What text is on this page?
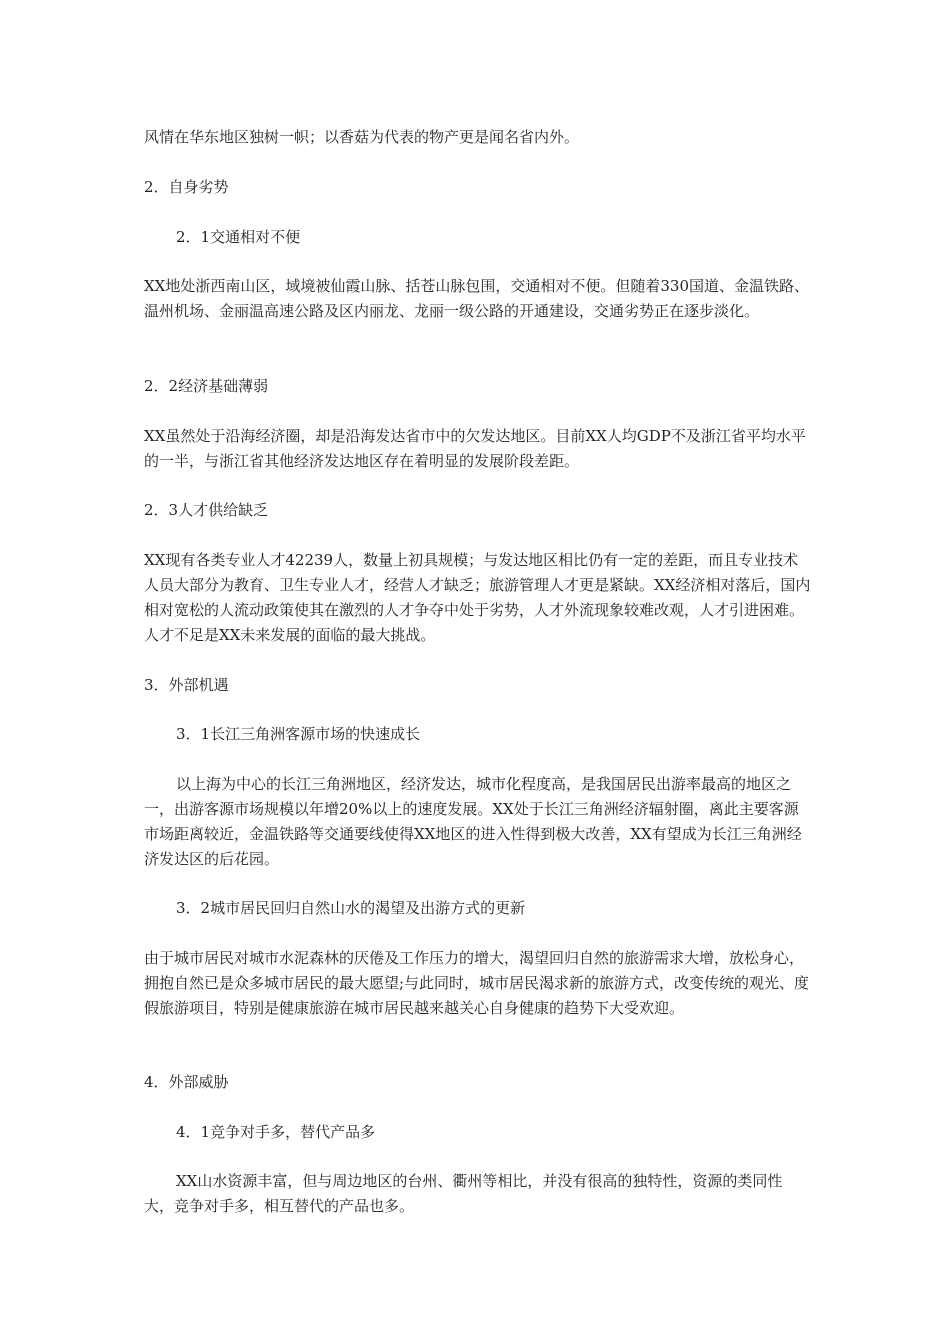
风情在华东地区独树一帜；以香菇为代表的物产更是闻名省内外。

2．自身劣势

2．1交通相对不便

XX地处浙西南山区，域境被仙霞山脉、括苍山脉包围，交通相对不便。但随着330国道、金温铁路、温州机场、金丽温高速公路及区内丽龙、龙丽一级公路的开通建设，交通劣势正在逐步淡化。

2．2经济基础薄弱

XX虽然处于沿海经济圈，却是沿海发达省市中的欠发达地区。目前XX人均GDP不及浙江省平均水平的一半，与浙江省其他经济发达地区存在着明显的发展阶段差距。

2．3人才供给缺乏

XX现有各类专业人才42239人，数量上初具规模；与发达地区相比仍有一定的差距，而且专业技术人员大部分为教育、卫生专业人才，经营人才缺乏；旅游管理人才更是紧缺。XX经济相对落后，国内相对宽松的人流动政策使其在激烈的人才争夺中处于劣势，人才外流现象较难改观，人才引进困难。人才不足是XX未来发展的面临的最大挑战。

3．外部机遇

3．1长江三角洲客源市场的快速成长

以上海为中心的长江三角洲地区，经济发达，城市化程度高，是我国居民出游率最高的地区之一，出游客源市场规模以年增20%以上的速度发展。XX处于长江三角洲经济辐射圈，离此主要客源市场距离较近，金温铁路等交通要线使得XX地区的进入性得到极大改善，XX有望成为长江三角洲经济发达区的后花园。

3．2城市居民回归自然山水的渴望及出游方式的更新

由于城市居民对城市水泥森林的厌倦及工作压力的增大，渴望回归自然的旅游需求大增，放松身心，拥抱自然已是众多城市居民的最大愿望;与此同时，城市居民渴求新的旅游方式，改变传统的观光、度假旅游项目，特别是健康旅游在城市居民越来越关心自身健康的趋势下大受欢迎。

4．外部威胁

4．1竞争对手多，替代产品多

XX山水资源丰富，但与周边地区的台州、衢州等相比，并没有很高的独特性，资源的类同性大，竞争对手多，相互替代的产品也多。
